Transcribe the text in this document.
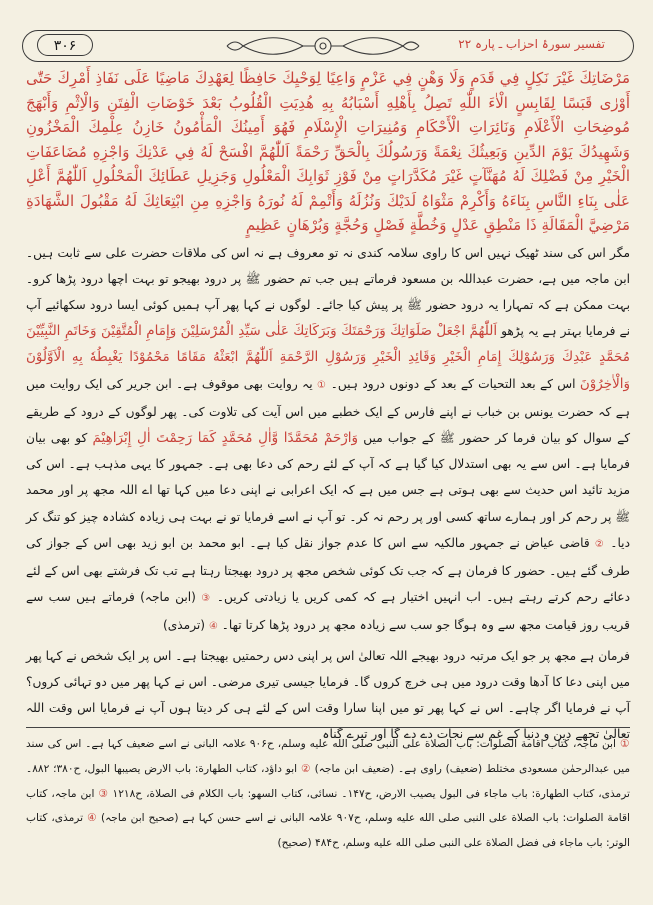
۳۰۶	تفسیر سورۂ احزاب ـ پارہ ۲۲

مَرْضَاتِكَ غَيْرَ نَكِلٍ فِي قَدَمٍ وَلَا وَهْنٍ فِي عَزْمٍ وَاعِيًا لِوَحْيِكَ حَافِظًا لِعَهْدِكَ مَاضِيًا عَلَى نَفَاذِ أَمْرِكَ حَتّٰى أَوْرٰى قَبَسًا لِقَابِسٍ الْاٰءَ اللّٰهِ تَصِلُ بِأَهْلِهِ أَسْبَابُهُ بِهِ هُدِيَتِ الْقُلُوبُ بَعْدَ خَوْضَاتِ الْفِتَنِ وَالْاِثْمِ وَأَبْهَجَ مُوضِحَاتِ الْأَعْلَامِ وَنَائِرَاتِ الْأَحْكَامِ وَمُنِيرَاتِ الْإِسْلَامِ فَهُوَ أَمِينُكَ الْمَأْمُونُ خَازِنُ عِلْمِكَ الْمَخْزُونِ وَشَهِيدُكَ يَوْمَ الدِّينِ وَبَعِيثُكَ نِعْمَةً وَرَسُولُكَ بِالْحَقِّ رَحْمَةً اَللّٰهُمَّ افْسَحْ لَهُ فِي عَدْنِكَ وَاجْزِهِ مُضَاعَفَاتِ الْخَيْرِ مِنْ فَضْلِكَ لَهُ مُهَنَّآتٍ غَيْرَ مُكَدَّرَاتٍ مِنْ فَوْزِ ثَوَابِكَ الْمَعْلُولِ وَجَزِيلِ عَطَائِكَ الْمَحْلُولِ اَللّٰهُمَّ أَعْلِ عَلٰى بِنَاءِ النَّاسِ بِنَاءَهُ وَأَكْرِمْ مَثْوَاهُ لَدَيْكَ وَنُزُلَهُ وَأَتْمِمْ لَهُ نُورَهُ وَاجْزِهِ مِنِ ابْتِعَاثِكَ لَهُ مَقْبُولَ الشَّهَادَةِ مَرْضِيَّ الْمَقَالَةِ ذَا مَنْطِقٍ عَدْلٍ وَخُطَّةٍ فَصْلٍ وَحُجَّةٍ وَبُرْهَانٍ عَظِيمٍ

مگر اس کی سند ٹھیک نہیں اس کا راوی سلامہ کندی نہ تو معروف ہے نہ اس کی ملاقات حضرت علی سے ثابت ہیں۔ ابن ماجہ میں ہے، حضرت عبداللہ بن مسعود فرماتے ہیں جب تم حضور ﷺ پر درود بھیجو تو بہت اچھا درود پڑھا کرو۔ بہت ممکن ہے کہ تمہارا یہ درود حضور ﷺ پر پیش کیا جائے۔ لوگوں نے کہا پھر آپ ہمیں کوئی ایسا درود سکھائیے آپ نے فرمایا بہتر ہے یہ پڑھو اَللّٰهُمَّ اجْعَلْ صَلَوَاتِكَ وَرَحْمَتَكَ وَبَرَكَاتِكَ عَلٰى سَيِّدِ الْمُرْسَلِيْنَ وَإِمَامِ الْمُتَّقِيْنَ وَخَاتَمِ النَّبِيِّيْنَ مُحَمَّدٍ عَبْدِكَ وَرَسُوْلِكَ إِمَامِ الْخَيْرِ وَقَائِدِ الْخَيْرِ وَرَسُوْلِ الرَّحْمَةِ اَللّٰهُمَّ ابْعَثْهُ مَقَامًا مَحْمُوْدًا يَغْبِطُهٗ بِهِ الْاَوَّلُوْنَ وَالْاٰخِرُوْنَ اس کے بعد التحیات کے بعد کے دونوں درود ہیں۔ ① یہ روایت بھی موقوف ہے۔ ابن جریر کی ایک روایت میں ہے کہ حضرت یونس بن خباب نے اپنے فارس کے ایک خطبے میں اس آیت کی تلاوت کی۔ پھر لوگوں کے درود کے طریقے کے سوال کو بیان فرما کر حضور ﷺ کے جواب میں وَارْحَمْ مُحَمَّدًا وَّاٰلِ مُحَمَّدٍ كَمَا رَحِمْتَ اٰلِ إِبْرَاهِيْمَ کو بھی بیان فرمایا ہے۔ اس سے یہ بھی استدلال کیا گیا ہے کہ آپ کے لئے رحم کی دعا بھی ہے۔ جمہور کا یہی مذہب ہے۔ اس کی مزید تائید اس حدیث سے بھی ہوتی ہے جس میں ہے کہ ایک اعرابی نے اپنی دعا میں کہا تھا اے اللہ مجھ پر اور محمد ﷺ پر رحم کر اور ہمارے ساتھ کسی اور پر رحم نہ کر۔ تو آپ نے اسے فرمایا تو نے بہت ہی زیادہ کشادہ چیز کو تنگ کر دیا۔ ② قاضی عیاض نے جمہور مالکیہ سے اس کا عدم جواز نقل کیا ہے۔ ابو محمد بن ابو زید بھی اس کے جواز کی طرف گئے ہیں۔ حضور کا فرمان ہے کہ جب تک کوئی شخص مجھ پر درود بھیجتا رہتا ہے تب تک فرشتے بھی اس کے لئے دعائے رحم کرتے رہتے ہیں۔ اب انہیں اختیار ہے کہ کمی کریں یا زیادتی کریں۔ ③ (ابن ماجہ) فرماتے ہیں سب سے قریب روز قیامت مجھ سے وہ ہوگا جو سب سے زیادہ مجھ پر درود پڑھا کرتا تھا۔ ④ (ترمذی)

فرمان ہے مجھ پر جو ایک مرتبہ درود بھیجے اللہ تعالیٰ اس پر اپنی دس رحمتیں بھیجتا ہے۔ اس پر ایک شخص نے کہا پھر میں اپنی دعا کا آدھا وقت درود میں ہی خرچ کروں گا۔ فرمایا جیسی تیری مرضی۔ اس نے کہا پھر میں دو تہائی کروں؟ آپ نے فرمایا اگر چاہے۔ اس نے کہا پھر تو میں اپنا سارا وقت اس کے لئے ہی کر دیتا ہوں آپ نے فرمایا اس وقت اللہ تعالیٰ تجھے دین و دنیا کے غم سے نجات دے دے گا اور تیرے گناہ

① ابن ماجہ، کتاب اقامة الصلوات: باب الصلاة علی النبی صلی الله علیه وسلم، ح۹۰۶ علامہ البانی نے اسے ضعیف کہا ہے۔ اس کی سند میں عبدالرحمٰن مسعودی مختلط (ضعیف) راوی ہے۔ (ضعیف ابن ماجہ) ② ابو داؤد، کتاب الطهارة: باب الارض یصیبها البول، ح۳۸۰؛ ۸۸۲۔ ترمذی، کتاب الطهارة: باب ماجاء فی البول یصیب الارض، ح۱۴۷۔ نسائی، کتاب السهو: باب الکلام فی الصلاة، ح۱۲۱۸ ③ ابن ماجہ، کتاب اقامة الصلوات: باب الصلاة علی النبی صلی الله علیه وسلم، ح۹۰۷ علامہ البانی نے اسے حسن کہا ہے (صحیح ابن ماجہ) ④ ترمذی، کتاب الوتر: باب ماجاء فی فضل الصلاة علی النبی صلی الله علیه وسلم، ح۴۸۴ (صحیح)
